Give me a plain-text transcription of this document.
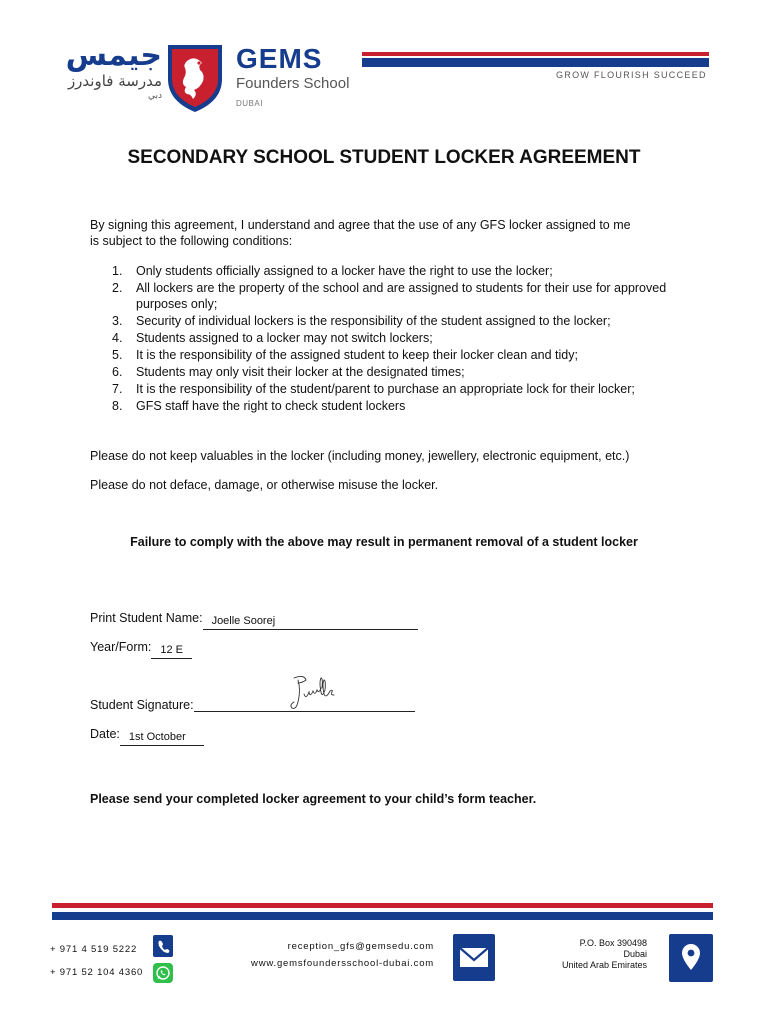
جيمس
مدرسة فاوندرز
دبي
GEMS
Founders School
DUBAI
GROW FLOURISH SUCCEED
SECONDARY SCHOOL STUDENT LOCKER AGREEMENT
By signing this agreement, I understand and agree that the use of any GFS locker assigned to me
is subject to the following conditions:
1.	Only students officially assigned to a locker have the right to use the locker;
2.	All lockers are the property of the school and are assigned to students for their use for approved purposes only;
3.	Security of individual lockers is the responsibility of the student assigned to the locker;
4.	Students assigned to a locker may not switch lockers;
5.	It is the responsibility of the assigned student to keep their locker clean and tidy;
6.	Students may only visit their locker at the designated times;
7.	It is the responsibility of the student/parent to purchase an appropriate lock for their locker;
8.	GFS staff have the right to check student lockers
Please do not keep valuables in the locker (including money, jewellery, electronic equipment, etc.)
Please do not deface, damage, or otherwise misuse the locker.
Failure to comply with the above may result in permanent removal of a student locker
Print Student Name: Joelle Soorej
Year/Form: 12 E
Student Signature:
Date: 1st October
Please send your completed locker agreement to your child’s form teacher.
+ 971 4 519 5222
+ 971 52 104 4360
reception_gfs@gemsedu.com
www.gemsfoundersschool-dubai.com
P.O. Box 390498
Dubai
United Arab Emirates
